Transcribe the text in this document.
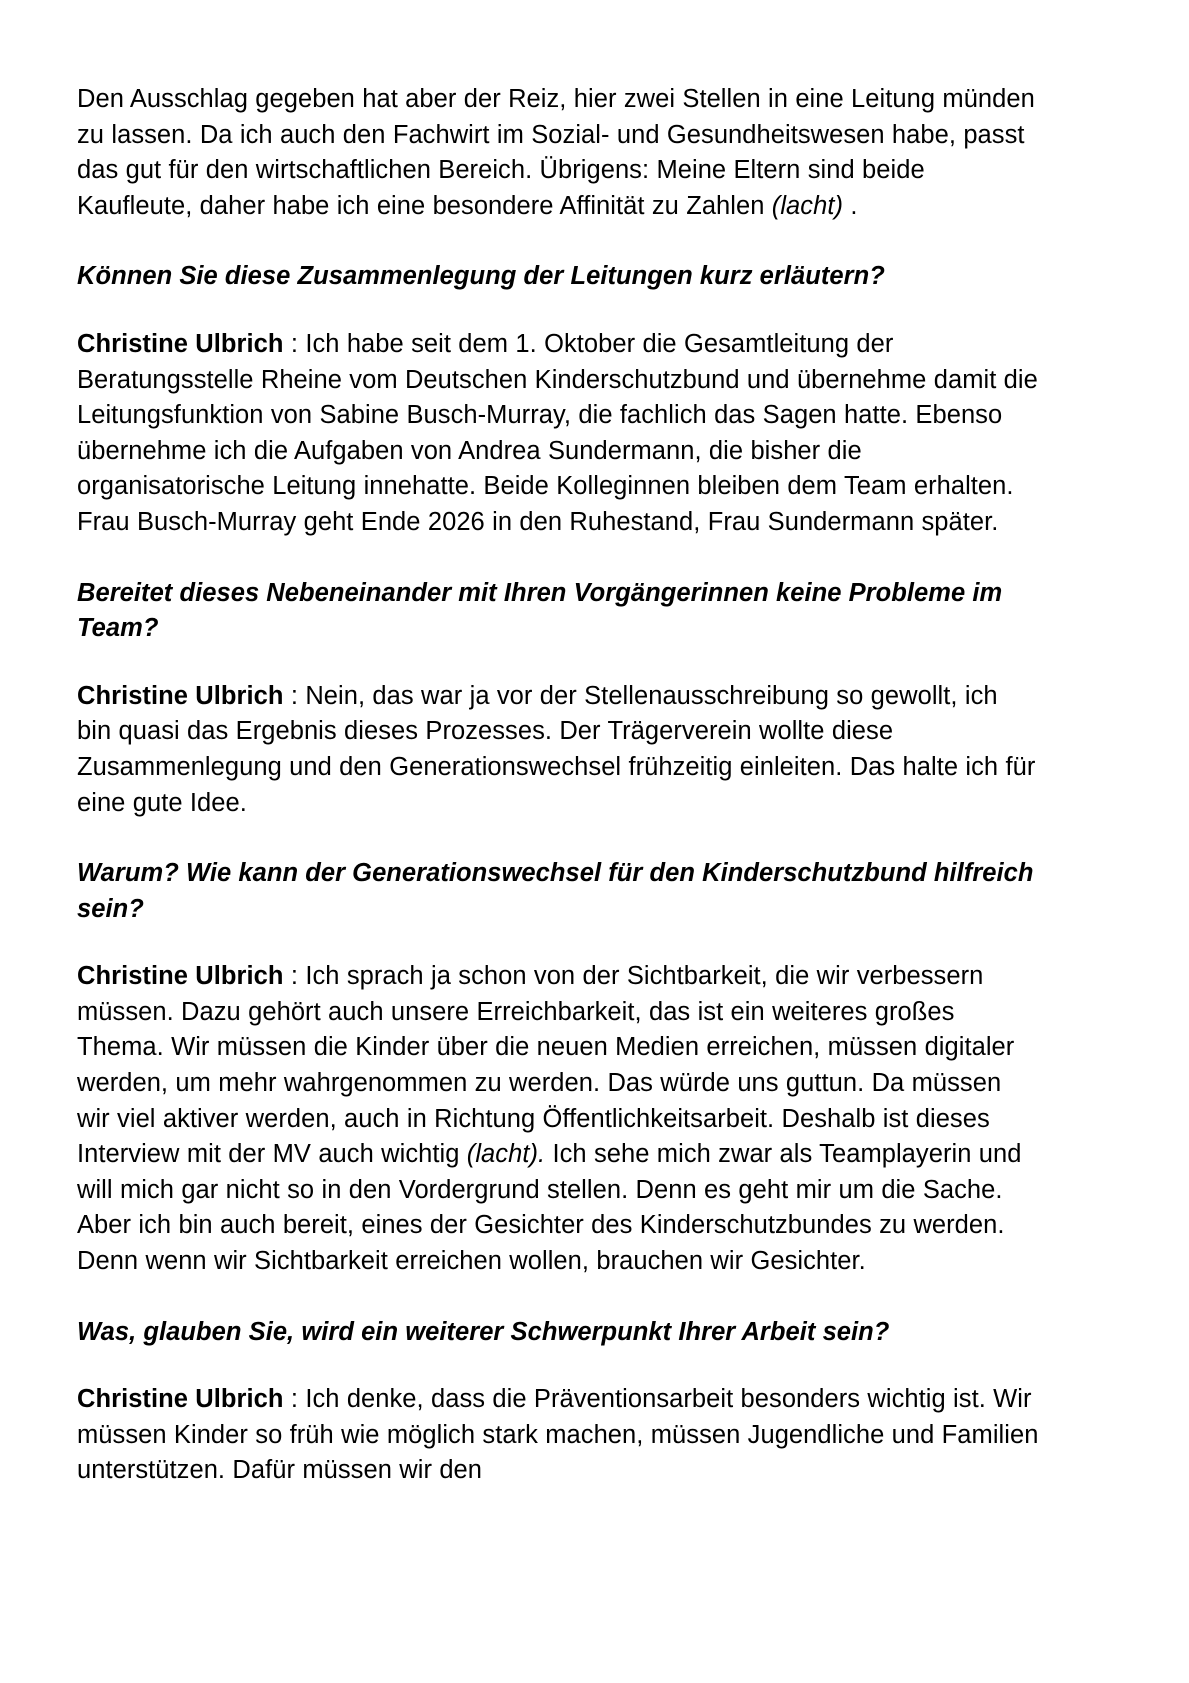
Den Ausschlag gegeben hat aber der Reiz, hier zwei Stellen in eine Leitung münden zu lassen. Da ich auch den Fachwirt im Sozial- und Gesundheitswesen habe, passt das gut für den wirtschaftlichen Bereich. Übrigens: Meine Eltern sind beide Kaufleute, daher habe ich eine besondere Affinität zu Zahlen (lacht) .

Können Sie diese Zusammenlegung der Leitungen kurz erläutern?

Christine Ulbrich : Ich habe seit dem 1. Oktober die Gesamtleitung der Beratungsstelle Rheine vom Deutschen Kinderschutzbund und übernehme damit die Leitungsfunktion von Sabine Busch-Murray, die fachlich das Sagen hatte. Ebenso übernehme ich die Aufgaben von Andrea Sundermann, die bisher die organisatorische Leitung innehatte. Beide Kolleginnen bleiben dem Team erhalten. Frau Busch-Murray geht Ende 2026 in den Ruhestand, Frau Sundermann später.

Bereitet dieses Nebeneinander mit Ihren Vorgängerinnen keine Probleme im Team?

Christine Ulbrich : Nein, das war ja vor der Stellenausschreibung so gewollt, ich bin quasi das Ergebnis dieses Prozesses. Der Trägerverein wollte diese Zusammenlegung und den Generationswechsel frühzeitig einleiten. Das halte ich für eine gute Idee.

Warum? Wie kann der Generationswechsel für den Kinderschutzbund hilfreich sein?

Christine Ulbrich : Ich sprach ja schon von der Sichtbarkeit, die wir verbessern müssen. Dazu gehört auch unsere Erreichbarkeit, das ist ein weiteres großes Thema. Wir müssen die Kinder über die neuen Medien erreichen, müssen digitaler werden, um mehr wahrgenommen zu werden. Das würde uns guttun. Da müssen wir viel aktiver werden, auch in Richtung Öffentlichkeitsarbeit. Deshalb ist dieses Interview mit der MV auch wichtig (lacht). Ich sehe mich zwar als Teamplayerin und will mich gar nicht so in den Vordergrund stellen. Denn es geht mir um die Sache. Aber ich bin auch bereit, eines der Gesichter des Kinderschutzbundes zu werden. Denn wenn wir Sichtbarkeit erreichen wollen, brauchen wir Gesichter.

Was, glauben Sie, wird ein weiterer Schwerpunkt Ihrer Arbeit sein?

Christine Ulbrich : Ich denke, dass die Präventionsarbeit besonders wichtig ist. Wir müssen Kinder so früh wie möglich stark machen, müssen Jugendliche und Familien unterstützen. Dafür müssen wir den
